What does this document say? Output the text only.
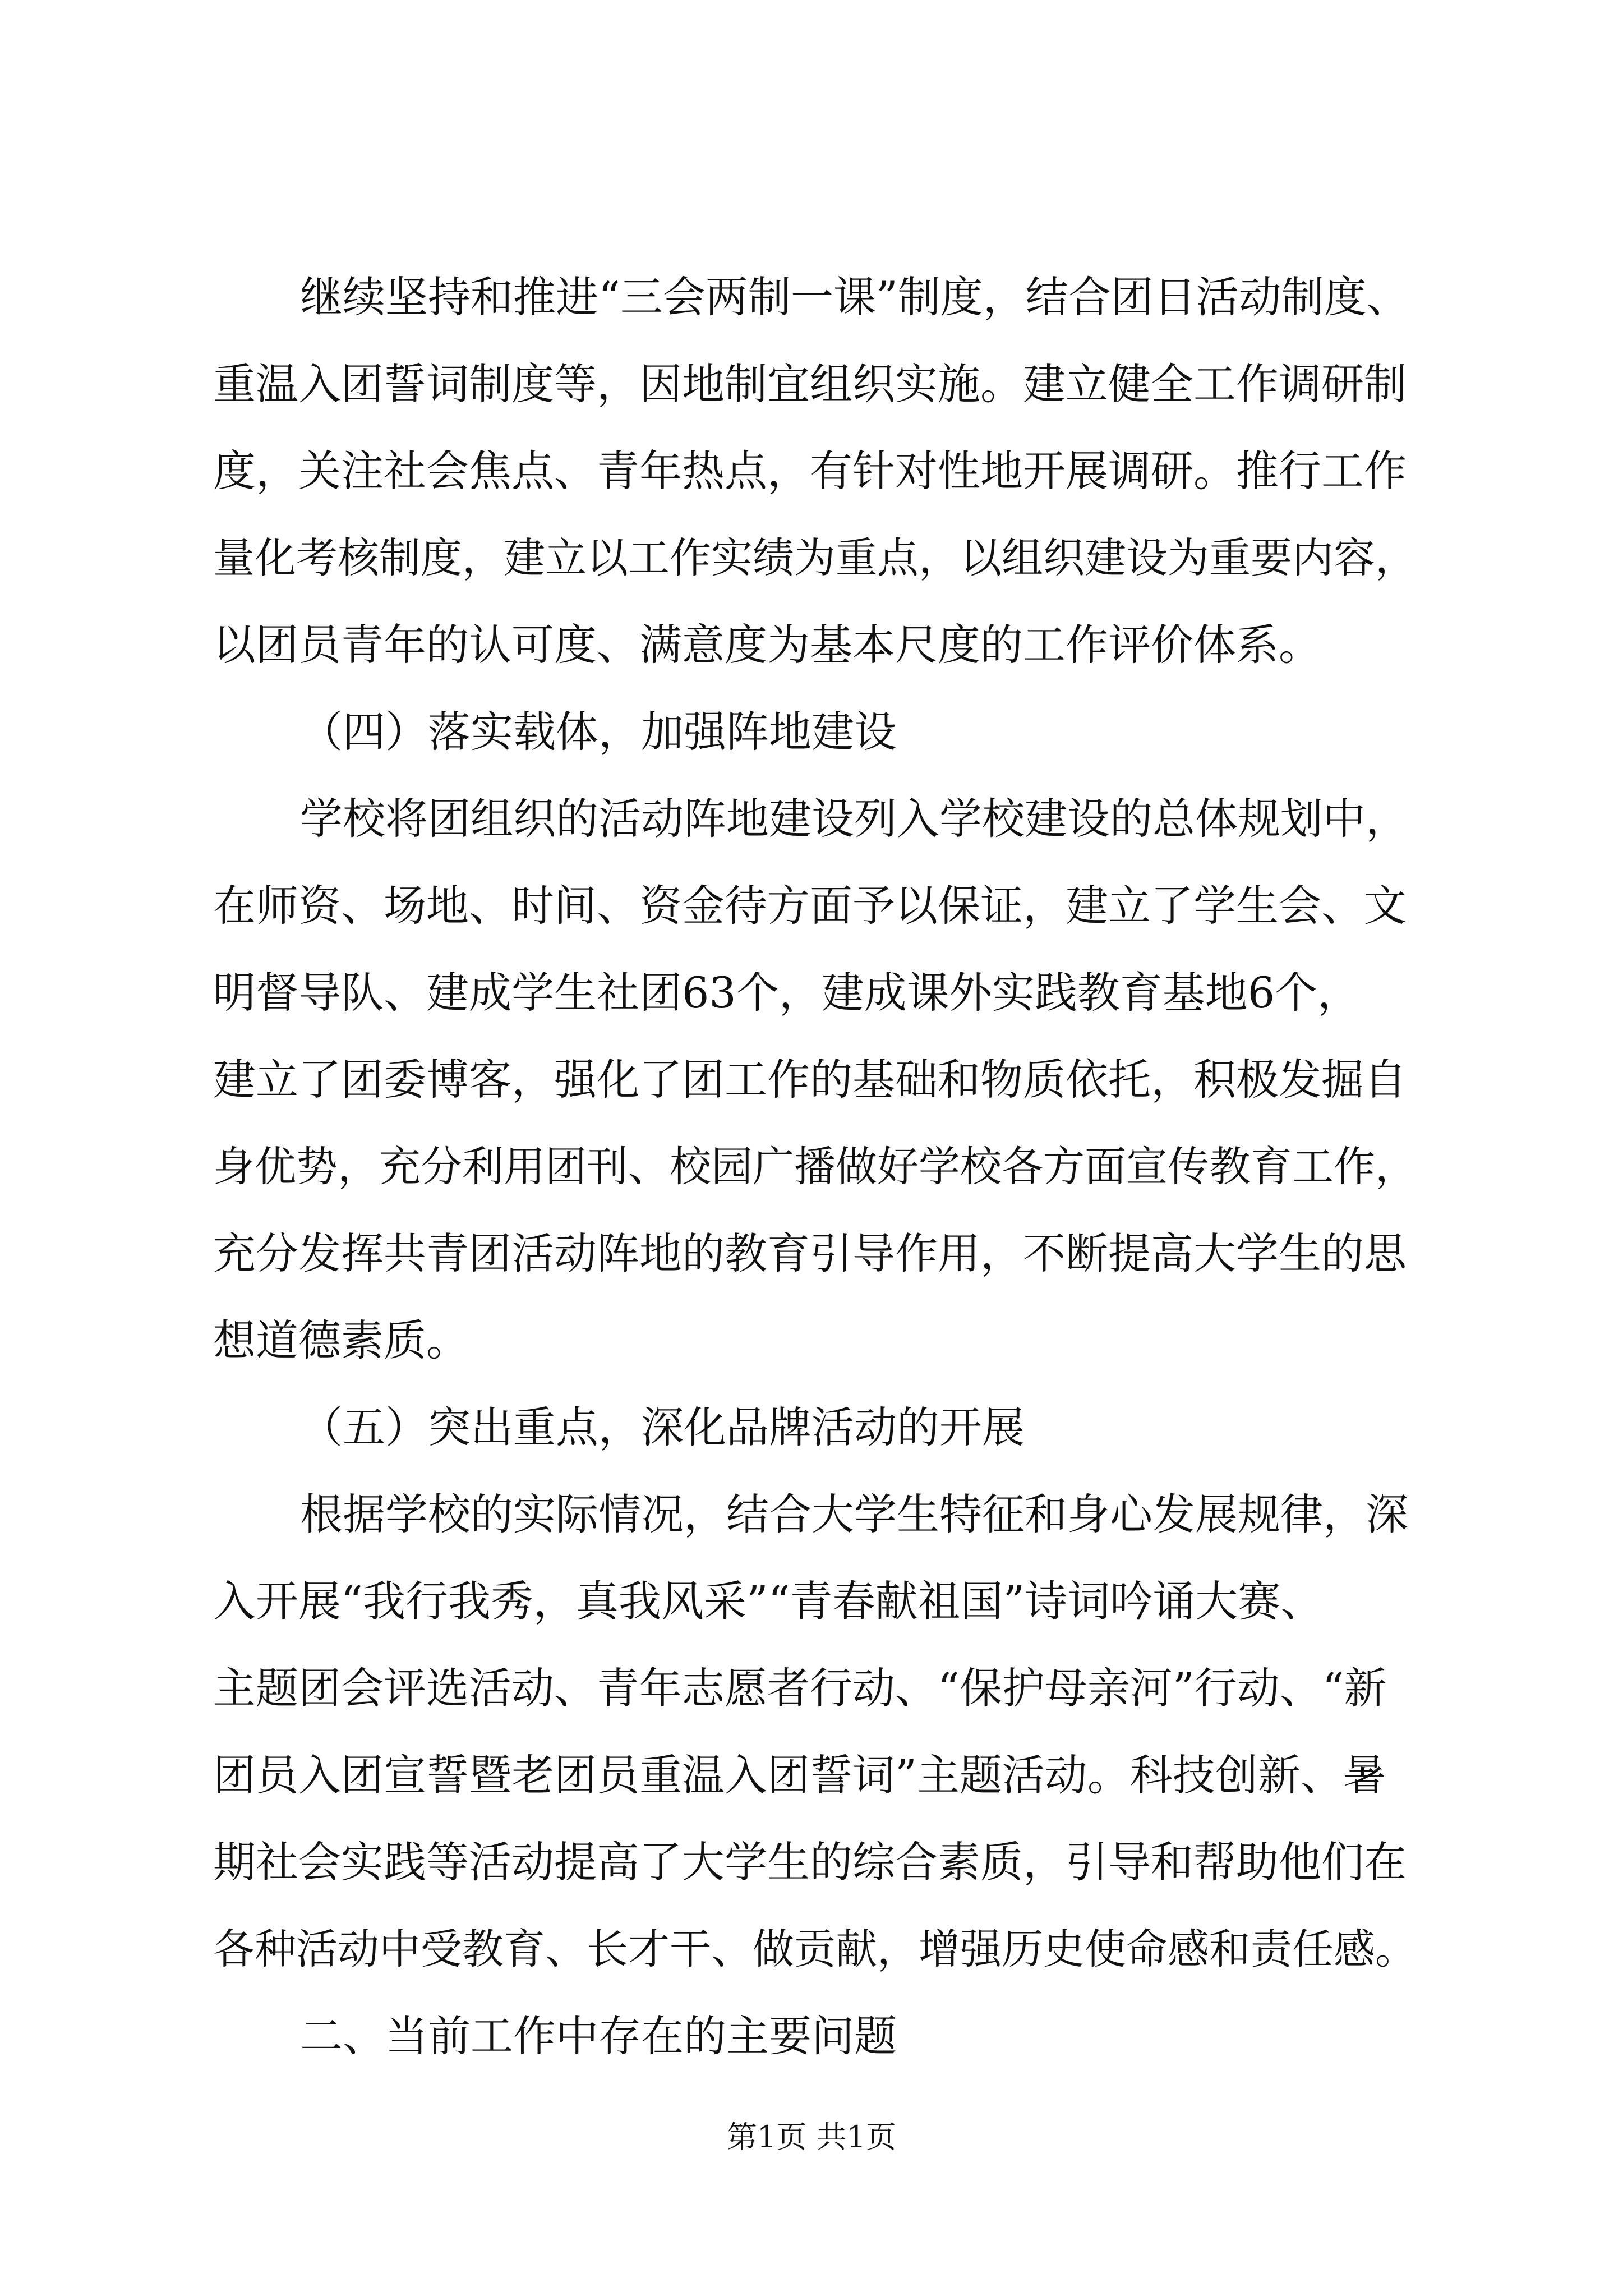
继续坚持和推进“三会两制一课”制度，结合团日活动制度、
重温入团誓词制度等，因地制宜组织实施。建立健全工作调研制
度，关注社会焦点、青年热点，有针对性地开展调研。推行工作
量化考核制度，建立以工作实绩为重点，以组织建设为重要内容，
以团员青年的认可度、满意度为基本尺度的工作评价体系。
（四）落实载体，加强阵地建设
学校将团组织的活动阵地建设列入学校建设的总体规划中，
在师资、场地、时间、资金待方面予以保证，建立了学生会、文
明督导队、建成学生社团63个，建成课外实践教育基地6个，
建立了团委博客，强化了团工作的基础和物质依托，积极发掘自
身优势，充分利用团刊、校园广播做好学校各方面宣传教育工作，
充分发挥共青团活动阵地的教育引导作用，不断提高大学生的思
想道德素质。
（五）突出重点，深化品牌活动的开展
根据学校的实际情况，结合大学生特征和身心发展规律，深
入开展“我行我秀，真我风采”“青春献祖国”诗词吟诵大赛、
主题团会评选活动、青年志愿者行动、“保护母亲河”行动、“新
团员入团宣誓暨老团员重温入团誓词”主题活动。科技创新、暑
期社会实践等活动提高了大学生的综合素质，引导和帮助他们在
各种活动中受教育、长才干、做贡献，增强历史使命感和责任感。
二、当前工作中存在的主要问题
第1页 共1页
